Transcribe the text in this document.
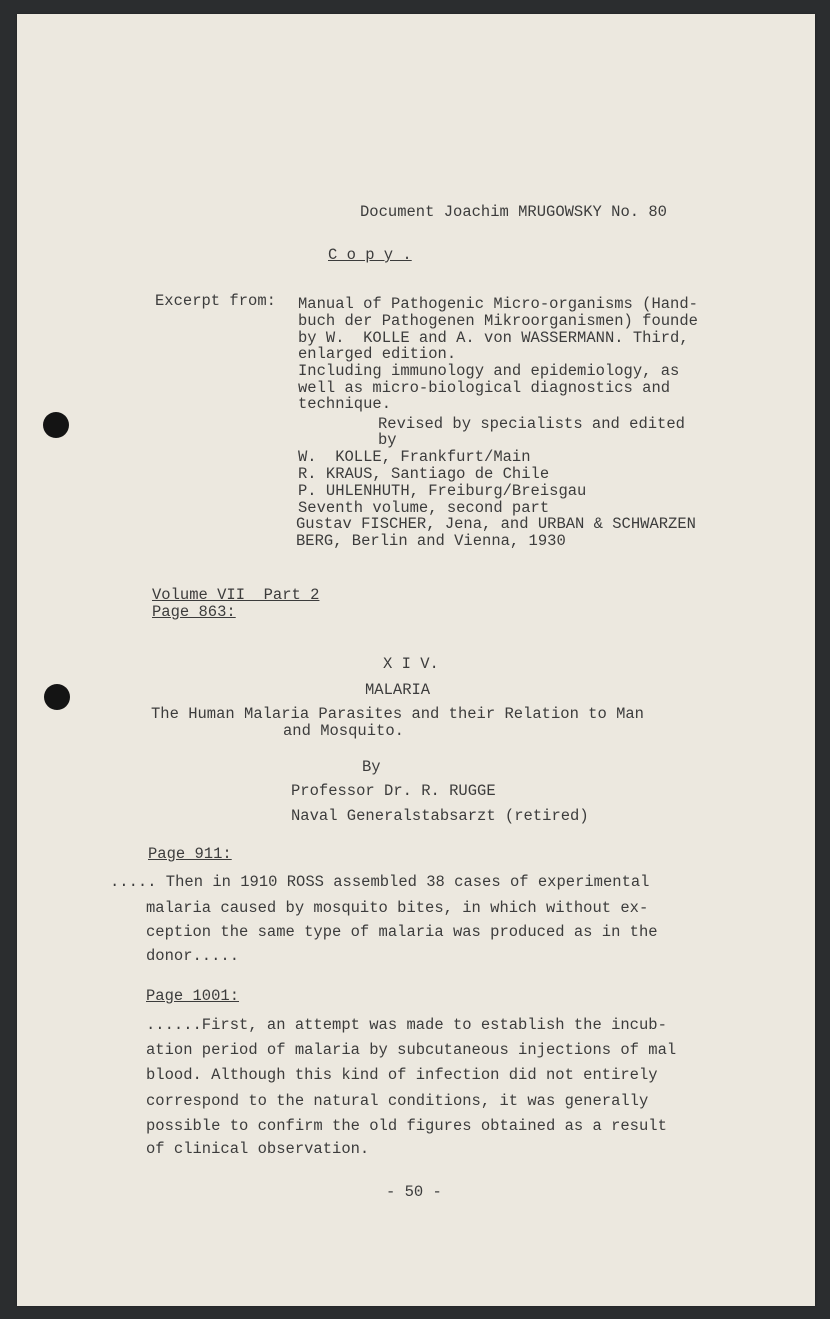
Document Joachim MRUGOWSKY No. 80

C o p y .

Excerpt from: Manual of Pathogenic Micro-organisms (Hand-

buch der Pathogenen Mikroorganismen) founde

by W.  KOLLE and A. von WASSERMANN. Third,

enlarged edition.

Including immunology and epidemiology, as

well as micro-biological diagnostics and

technique.

Revised by specialists and edited

by

W.  KOLLE, Frankfurt/Main

R. KRAUS, Santiago de Chile

P. UHLENHUTH, Freiburg/Breisgau

Seventh volume, second part

Gustav FISCHER, Jena, and URBAN & SCHWARZEN

BERG, Berlin and Vienna, 1930

Volume VII  Part 2

Page 863:

X I V.

MALARIA

The Human Malaria Parasites and their Relation to Man

and Mosquito.

By

Professor Dr. R. RUGGE

Naval Generalstabsarzt (retired)

Page 911:

..... Then in 1910 ROSS assembled 38 cases of experimental

malaria caused by mosquito bites, in which without ex-

ception the same type of malaria was produced as in the

donor.....

Page 1001:

......First, an attempt was made to establish the incub-

ation period of malaria by subcutaneous injections of mal

blood. Although this kind of infection did not entirely

correspond to the natural conditions, it was generally

possible to confirm the old figures obtained as a result

of clinical observation.

- 50 -
